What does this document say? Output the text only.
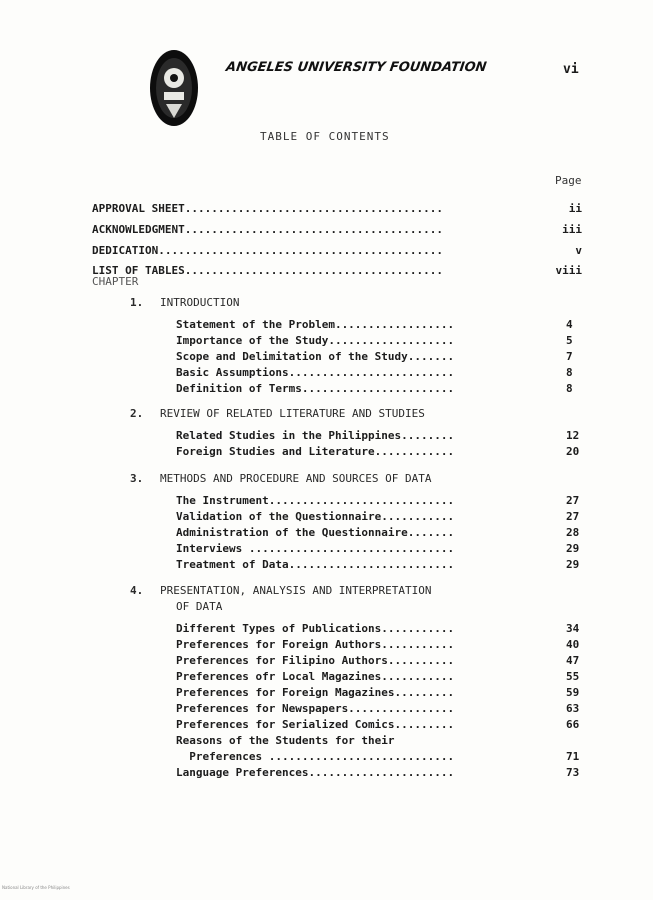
ANGELES UNIVERSITY FOUNDATION	vi
TABLE OF CONTENTS
Page
APPROVAL SHEET.......................................	ii
ACKNOWLEDGMENT.......................................	iii
DEDICATION...........................................	v
LIST OF TABLES.......................................	viii
CHAPTER
1. INTRODUCTION
Statement of the Problem..................	4
Importance of the Study...................	5
Scope and Delimitation of the Study.......	7
Basic Assumptions.........................	8
Definition of Terms.......................	8
2. REVIEW OF RELATED LITERATURE AND STUDIES
Related Studies in the Philippines........	12
Foreign Studies and Literature............	20
3. METHODS AND PROCEDURE AND SOURCES OF DATA
The Instrument............................	27
Validation of the Questionnaire...........	27
Administration of the Questionnaire.......	28
Interviews ...............................	29
Treatment of Data.........................	29
4. PRESENTATION, ANALYSIS AND INTERPRETATION
OF DATA
Different Types of Publications...........	34
Preferences for Foreign Authors...........	40
Preferences for Filipino Authors..........	47
Preferences ofr Local Magazines...........	55
Preferences for Foreign Magazines.........	59
Preferences for Newspapers................	63
Preferences for Serialized Comics.........	66
Reasons of the Students for their
Preferences ............................	71
Language Preferences......................	73
National Library of the Philippines
